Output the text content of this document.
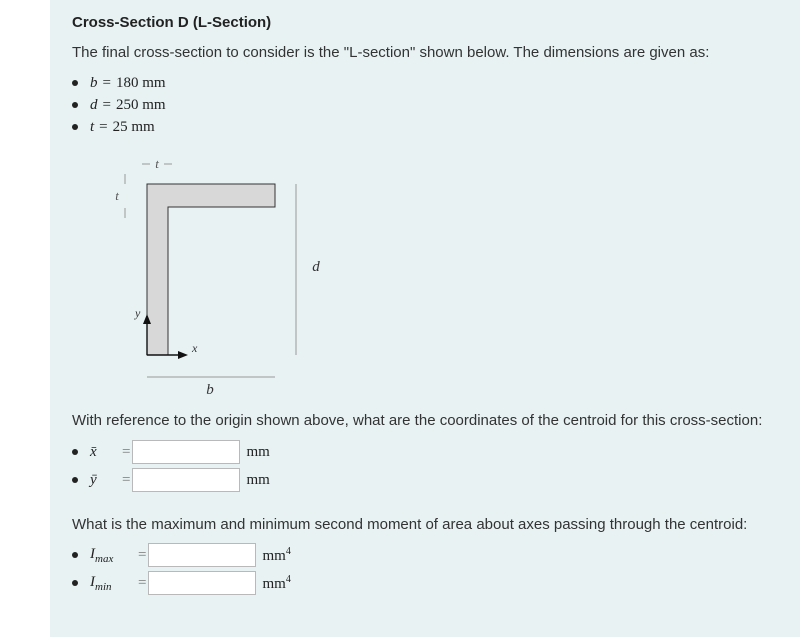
Cross-Section D (L-Section)
The final cross-section to consider is the "L-section" shown below. The dimensions are given as:
b = 180 mm
d = 250 mm
t = 25 mm
t
t
d
b
y
x
With reference to the origin shown above, what are the coordinates of the centroid for this cross-section:
x̄	=	mm
ȳ	=	mm
What is the maximum and minimum second moment of area about axes passing through the centroid:
$I_{max}$	=	$mm^4$
$I_{min}$	=	$mm^4$
